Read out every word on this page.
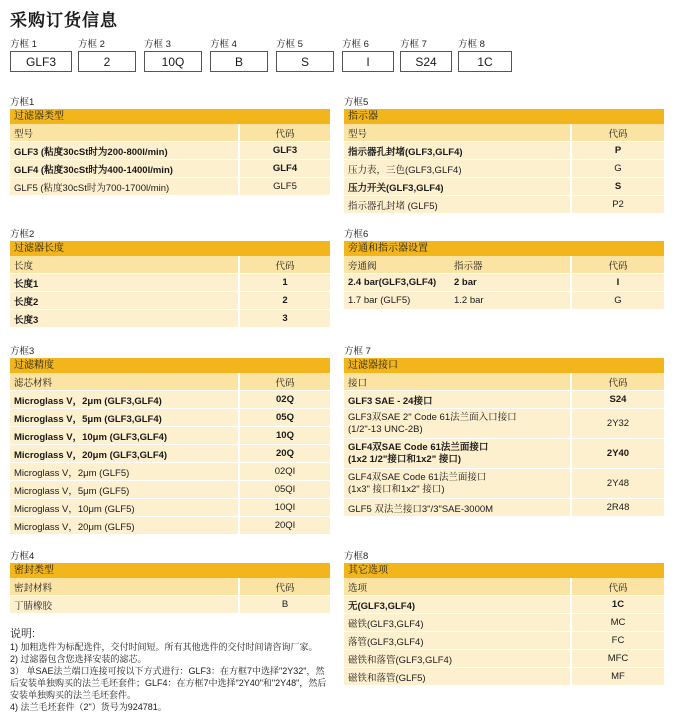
采购订货信息
方框 1
GLF3
方框 2
2
方框 3
10Q
方框 4
B
方框 5
S
方框 6
I
方框 7
S24
方框 8
1C
方框1
过滤器类型
型号	代码
GLF3 (粘度30cSt时为200-800l/min)	GLF3
GLF4 (粘度30cSt时为400-1400l/min)	GLF4
GLF5 (粘度30cSt时为700-1700l/min)	GLF5
方框2
过滤器长度
长度	代码
长度1	1
长度2	2
长度3	3
方框3
过滤精度
滤芯材料	代码
Microglass V，2μm (GLF3,GLF4)	02Q
Microglass V，5μm (GLF3,GLF4)	05Q
Microglass V，10μm (GLF3,GLF4)	10Q
Microglass V，20μm (GLF3,GLF4)	20Q
Microglass V，2μm (GLF5)	02QI
Microglass V，5μm (GLF5)	05QI
Microglass V，10μm (GLF5)	10QI
Microglass V，20μm (GLF5)	20QI
方框4
密封类型
密封材料	代码
丁腈橡胶	B
说明:
1) 加粗选件为标配选件，交付时间短。所有其他选件的交付时间请咨询厂家。
2) 过滤器包含您选择安装的滤芯。
3） 单SAE法兰端口连接可按以下方式进行：GLF3：在方框7中选择"2Y32"，然后安装单独购买的法兰毛坯套件；GLF4：在方框7中选择"2Y40"和"2Y48"，然后安装单独购买的法兰毛坯套件。
4) 法兰毛坯套件（2"）货号为924781。
方框5
指示器
型号	代码
指示器孔封堵(GLF3,GLF4)	P
压力表，三色(GLF3,GLF4)	G
压力开关(GLF3,GLF4)	S
指示器孔封堵 (GLF5)	P2
方框6
旁通和指示器设置
旁通阀	指示器	代码
2.4 bar(GLF3,GLF4)	2 bar	I
1.7 bar (GLF5)	1.2 bar	G
方框 7
过滤器接口
接口	代码
GLF3 SAE - 24接口	S24
GLF3双SAE 2" Code 61法兰面入口接口
(1/2"-13 UNC-2B)	2Y32
GLF4双SAE Code 61法兰面接口
(1x2 1/2"接口和1x2" 接口)	2Y40
GLF4双SAE Code 61法兰面接口
(1x3" 接口和1x2" 接口)	2Y48
GLF5 双法兰接口3"/3"SAE-3000M	2R48
方框8
其它选项
选项	代码
无(GLF3,GLF4)	1C
磁铁(GLF3,GLF4)	MC
落管(GLF3,GLF4)	FC
磁铁和落管(GLF3,GLF4)	MFC
磁铁和落管(GLF5)	MF
